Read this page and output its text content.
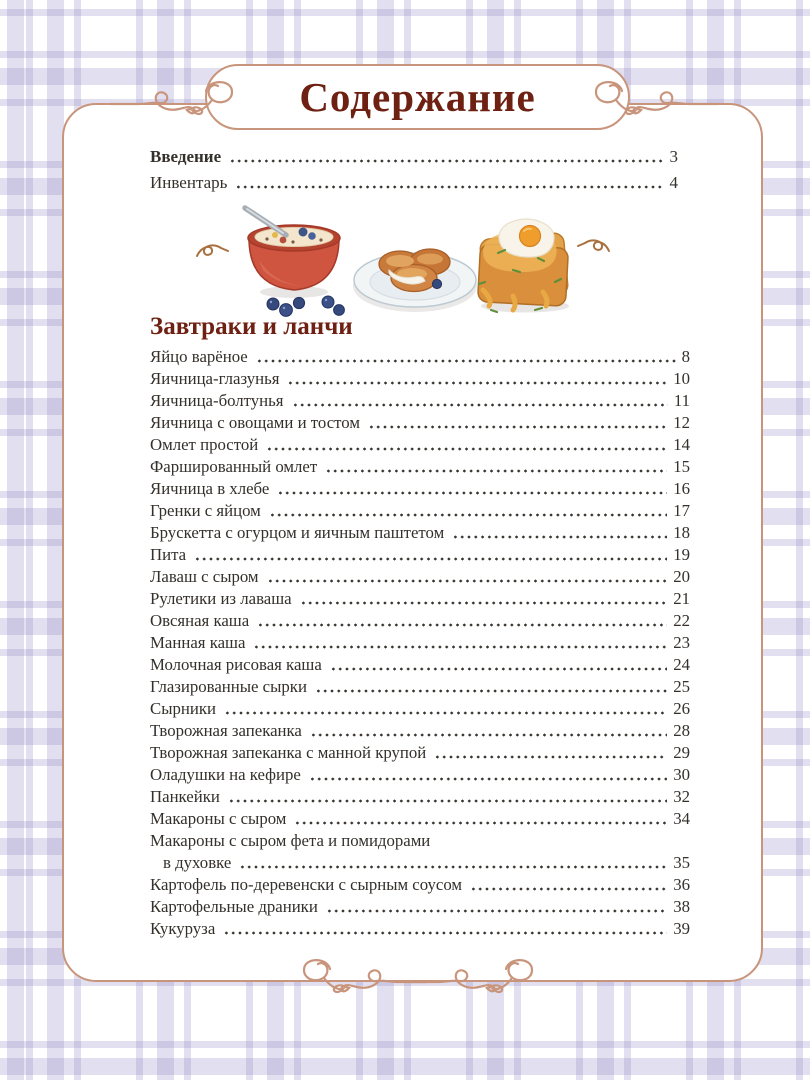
Содержание
Введение	3
Инвентарь	4
Завтраки и ланчи
Яйцо варёное	8
Яичница-глазунья	10
Яичница-болтунья	11
Яичница с овощами и тостом	12
Омлет простой	14
Фаршированный омлет	15
Яичница в хлебе	16
Гренки с яйцом	17
Брускетта с огурцом и яичным паштетом	18
Пита	19
Лаваш с сыром	20
Рулетики из лаваша	21
Овсяная каша	22
Манная каша	23
Молочная рисовая каша	24
Глазированные сырки	25
Сырники	26
Творожная запеканка	28
Творожная запеканка с манной крупой	29
Оладушки на кефире	30
Панкейки	32
Макароны с сыром	34
Макароны с сыром фета и помидорами
в духовке	35
Картофель по-деревенски с сырным соусом	36
Картофельные драники	38
Кукуруза	39
